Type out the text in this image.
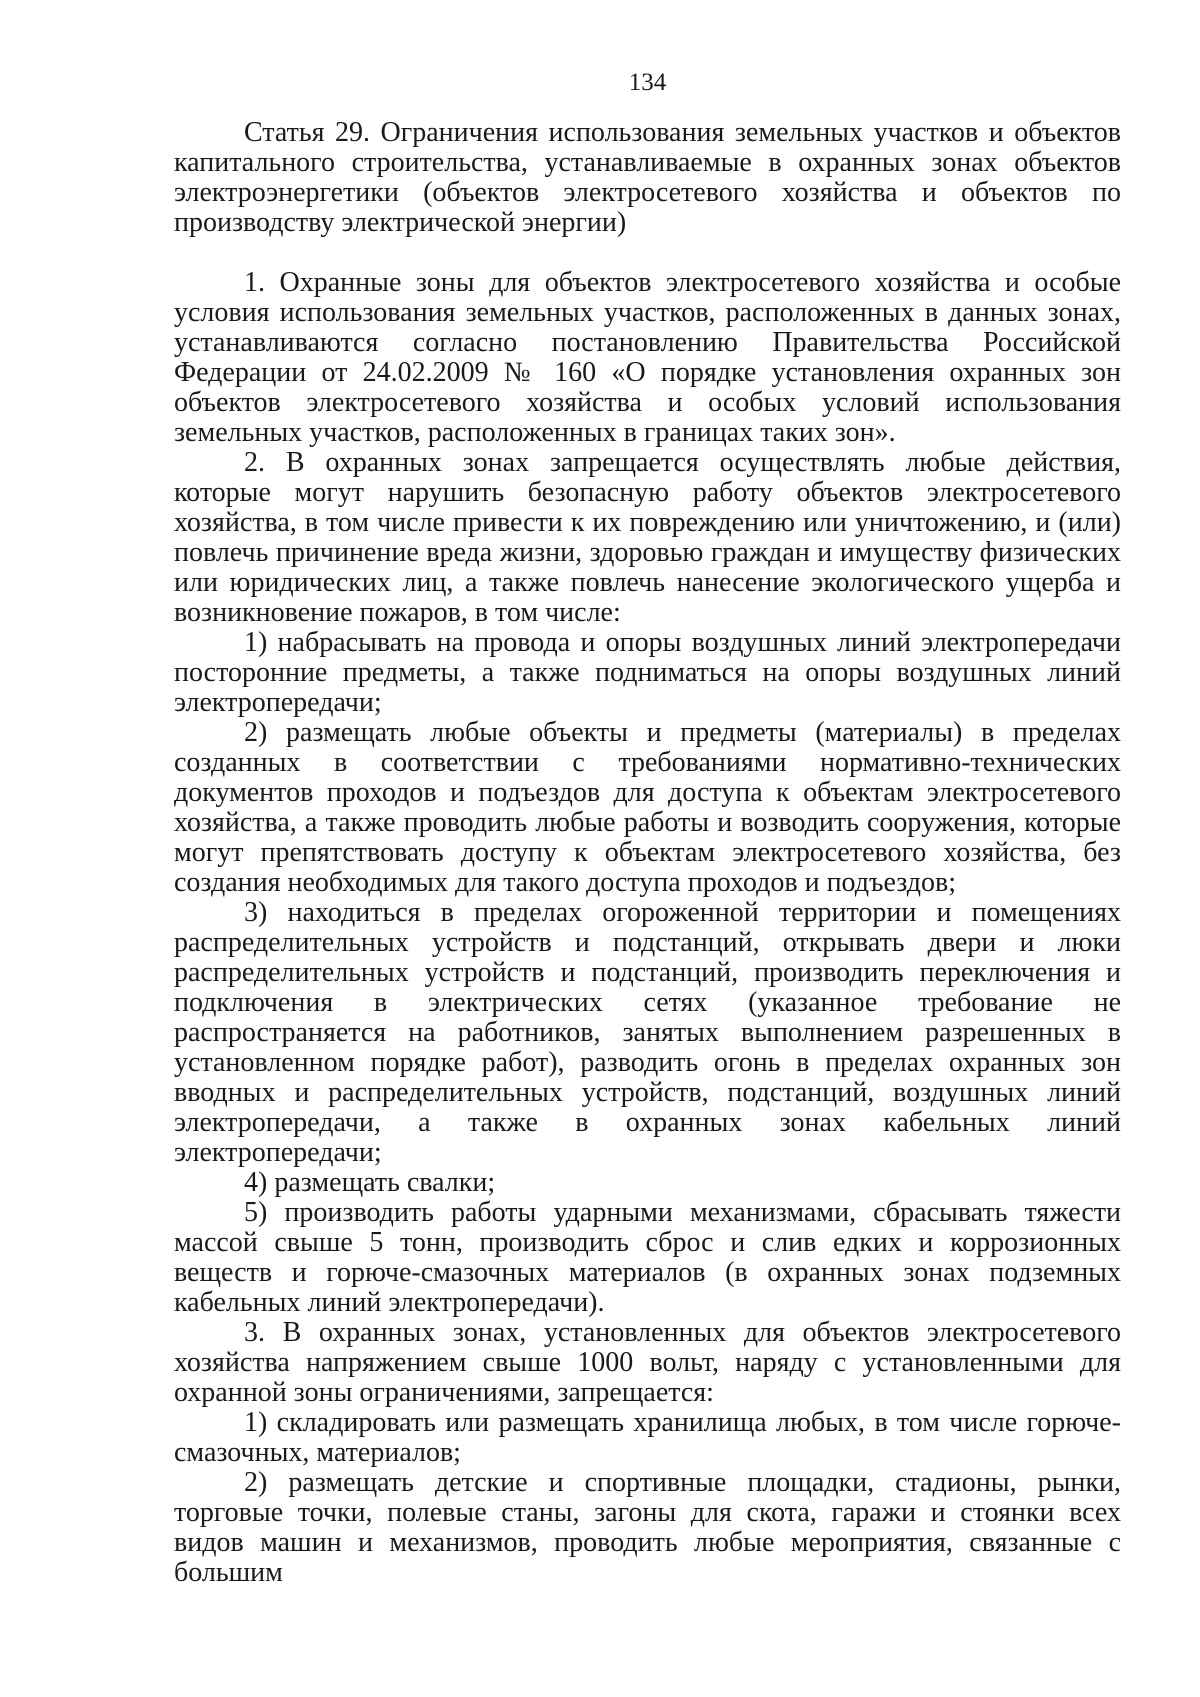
134

Статья 29. Ограничения использования земельных участков и объектов капитального строительства, устанавливаемые в охранных зонах объектов электроэнергетики (объектов электросетевого хозяйства и объектов по производству электрической энергии)

1. Охранные зоны для объектов электросетевого хозяйства и особые условия использования земельных участков, расположенных в данных зонах, устанавливаются согласно постановлению Правительства Российской Федерации от 24.02.2009 № 160 «О порядке установления охранных зон объектов электросетевого хозяйства и особых условий использования земельных участков, расположенных в границах таких зон».

2. В охранных зонах запрещается осуществлять любые действия, которые могут нарушить безопасную работу объектов электросетевого хозяйства, в том числе привести к их повреждению или уничтожению, и (или) повлечь причинение вреда жизни, здоровью граждан и имуществу физических или юридических лиц, а также повлечь нанесение экологического ущерба и возникновение пожаров, в том числе:

1) набрасывать на провода и опоры воздушных линий электропередачи посторонние предметы, а также подниматься на опоры воздушных линий электропередачи;

2) размещать любые объекты и предметы (материалы) в пределах созданных в соответствии с требованиями нормативно-технических документов проходов и подъездов для доступа к объектам электросетевого хозяйства, а также проводить любые работы и возводить сооружения, которые могут препятствовать доступу к объектам электросетевого хозяйства, без создания необходимых для такого доступа проходов и подъездов;

3) находиться в пределах огороженной территории и помещениях распределительных устройств и подстанций, открывать двери и люки распределительных устройств и подстанций, производить переключения и подключения в электрических сетях (указанное требование не распространяется на работников, занятых выполнением разрешенных в установленном порядке работ), разводить огонь в пределах охранных зон вводных и распределительных устройств, подстанций, воздушных линий электропередачи, а также в охранных зонах кабельных линий электропередачи;

4) размещать свалки;

5) производить работы ударными механизмами, сбрасывать тяжести массой свыше 5 тонн, производить сброс и слив едких и коррозионных веществ и горюче-смазочных материалов (в охранных зонах подземных кабельных линий электропередачи).

3. В охранных зонах, установленных для объектов электросетевого хозяйства напряжением свыше 1000 вольт, наряду с установленными для охранной зоны ограничениями, запрещается:

1) складировать или размещать хранилища любых, в том числе горюче-смазочных, материалов;

2) размещать детские и спортивные площадки, стадионы, рынки, торговые точки, полевые станы, загоны для скота, гаражи и стоянки всех видов машин и механизмов, проводить любые мероприятия, связанные с большим
